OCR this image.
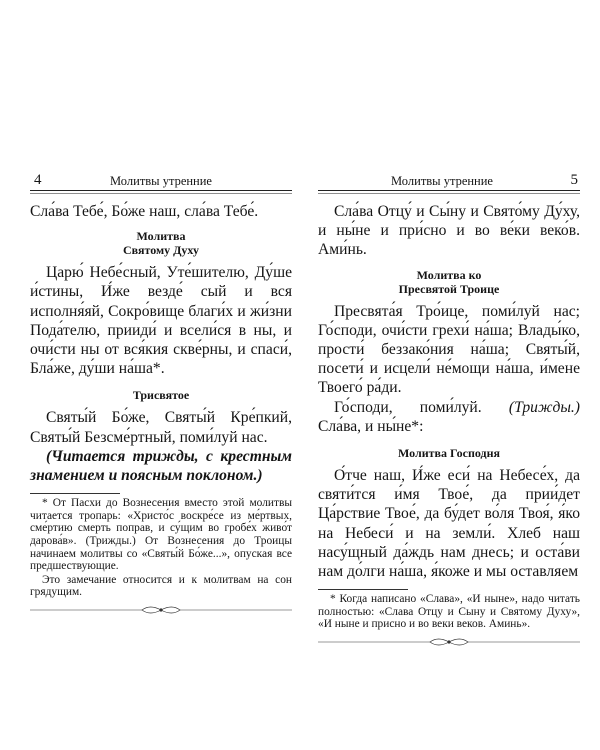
4	Молитвы утренние

Сла́ва Тебе́, Бо́же наш, сла́ва Тебе́.

Молитва
Святому Духу

Царю́ Небе́сный, Уте́шителю, Ду́ше и́стины, И́же везде́ сый и вся исполня́яй, Сокро́вище благи́х и жи́зни Пода́телю, прииди́ и всели́ся в ны, и очи́сти ны от вся́кия скве́рны, и спаси́, Бла́же, ду́ши на́ша*.

Трисвятое

Святы́й Бо́же, Святы́й Кре́пкий, Святы́й Безсме́ртный, поми́луй нас.

(Читается трижды, с крестным знамением и поясным поклоном.)

* От Пасхи до Вознесения вместо этой молитвы читается тропарь: «Христо́с воскре́се из ме́ртвых, сме́ртию смерть поправ, и су́щим во гробе́х живо́т дарова́в». (Трижды.) От Вознесения до Троицы начинаем молитвы со «Святы́й Бо́же...», опуская все предшествующие.

Это замечание относится и к молитвам на сон грядущим.

Молитвы утренние	5

Сла́ва Отцу́ и Сы́ну и Свято́му Ду́ху, и ны́не и при́сно и во ве́ки веко́в. Ами́нь.

Молитва ко
Пресвятой Троице

Пресвята́я Тро́ице, поми́луй нас; Го́споди, очи́сти грехи́ на́ша; Влады́ко, прости́ беззако́ния на́ша; Святы́й, посети́ и исцели́ не́мощи на́ша, и́мене Твоего́ ра́ди.

Го́споди, поми́луй. (Трижды.) Сла́ва, и ны́не*:

Молитва Господня

О́тче наш, И́же еси́ на Небесе́х, да святи́тся и́мя Твое́, да прии́дет Ца́рствие Твое́, да бу́дет во́ля Твоя́, я́ко на Небеси́ и на земли́. Хлеб наш насу́щный да́ждь нам днесь; и оста́ви нам до́лги на́ша, я́коже и мы оставляем

* Когда написано «Слава», «И ныне», надо читать полностью: «Слава Отцу и Сыну и Святому Духу», «И ныне и присно и во веки веков. Аминь».
